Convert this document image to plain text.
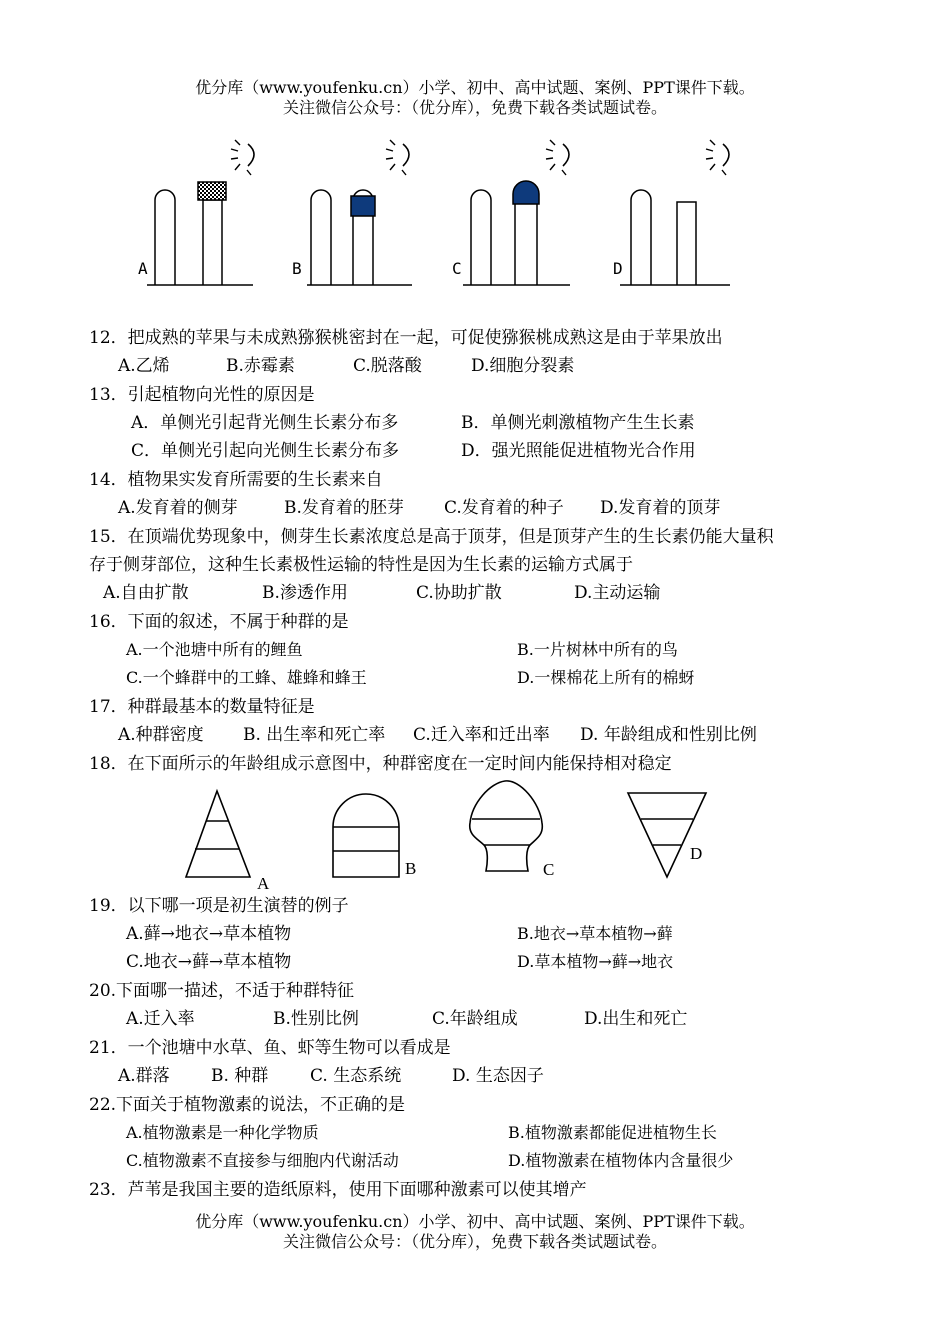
优分库（www.youfenku.cn）小学、初中、高中试题、案例、PPT课件下载。
关注微信公众号：（优分库），免费下载各类试题试卷。
A	B	C	D
12．把成熟的苹果与未成熟猕猴桃密封在一起，可促使猕猴桃成熟这是由于苹果放出
A.乙烯	B.赤霉素	C.脱落酸	D.细胞分裂素
13．引起植物向光性的原因是
A．单侧光引起背光侧生长素分布多	B．单侧光刺激植物产生生长素
C．单侧光引起向光侧生长素分布多	D．强光照能促进植物光合作用
14．植物果实发育所需要的生长素来自
A.发育着的侧芽	B.发育着的胚芽 C.发育着的种子 D.发育着的顶芽
15．在顶端优势现象中，侧芽生长素浓度总是高于顶芽，但是顶芽产生的生长素仍能大量积
存于侧芽部位，这种生长素极性运输的特性是因为生长素的运输方式属于
A.自由扩散	B.渗透作用	C.协助扩散	D.主动运输
16．下面的叙述，不属于种群的是
A.一个池塘中所有的鲤鱼	B.一片树林中所有的鸟
C.一个蜂群中的工蜂、雄蜂和蜂王	D.一棵棉花上所有的棉蚜
17．种群最基本的数量特征是
A.种群密度 B. 出生率和死亡率 C.迁入率和迁出率 D. 年龄组成和性别比例
18．在下面所示的年龄组成示意图中，种群密度在一定时间内能保持相对稳定
A
B	C
D
19．以下哪一项是初生演替的例子
A.藓→地衣→草本植物	B.地衣→草本植物→藓
C.地衣→藓→草本植物	D.草本植物→藓→地衣
20.下面哪一描述，不适于种群特征
A.迁入率	B.性别比例	C.年龄组成	D.出生和死亡
21．一个池塘中水草、鱼、虾等生物可以看成是
A.群落 B. 种群 C. 生态系统	D. 生态因子
22.下面关于植物激素的说法，不正确的是
A.植物激素是一种化学物质	B.植物激素都能促进植物生长
C.植物激素不直接参与细胞内代谢活动	D.植物激素在植物体内含量很少
23．芦苇是我国主要的造纸原料，使用下面哪种激素可以使其增产
优分库（www.youfenku.cn）小学、初中、高中试题、案例、PPT课件下载。
关注微信公众号：（优分库），免费下载各类试题试卷。
